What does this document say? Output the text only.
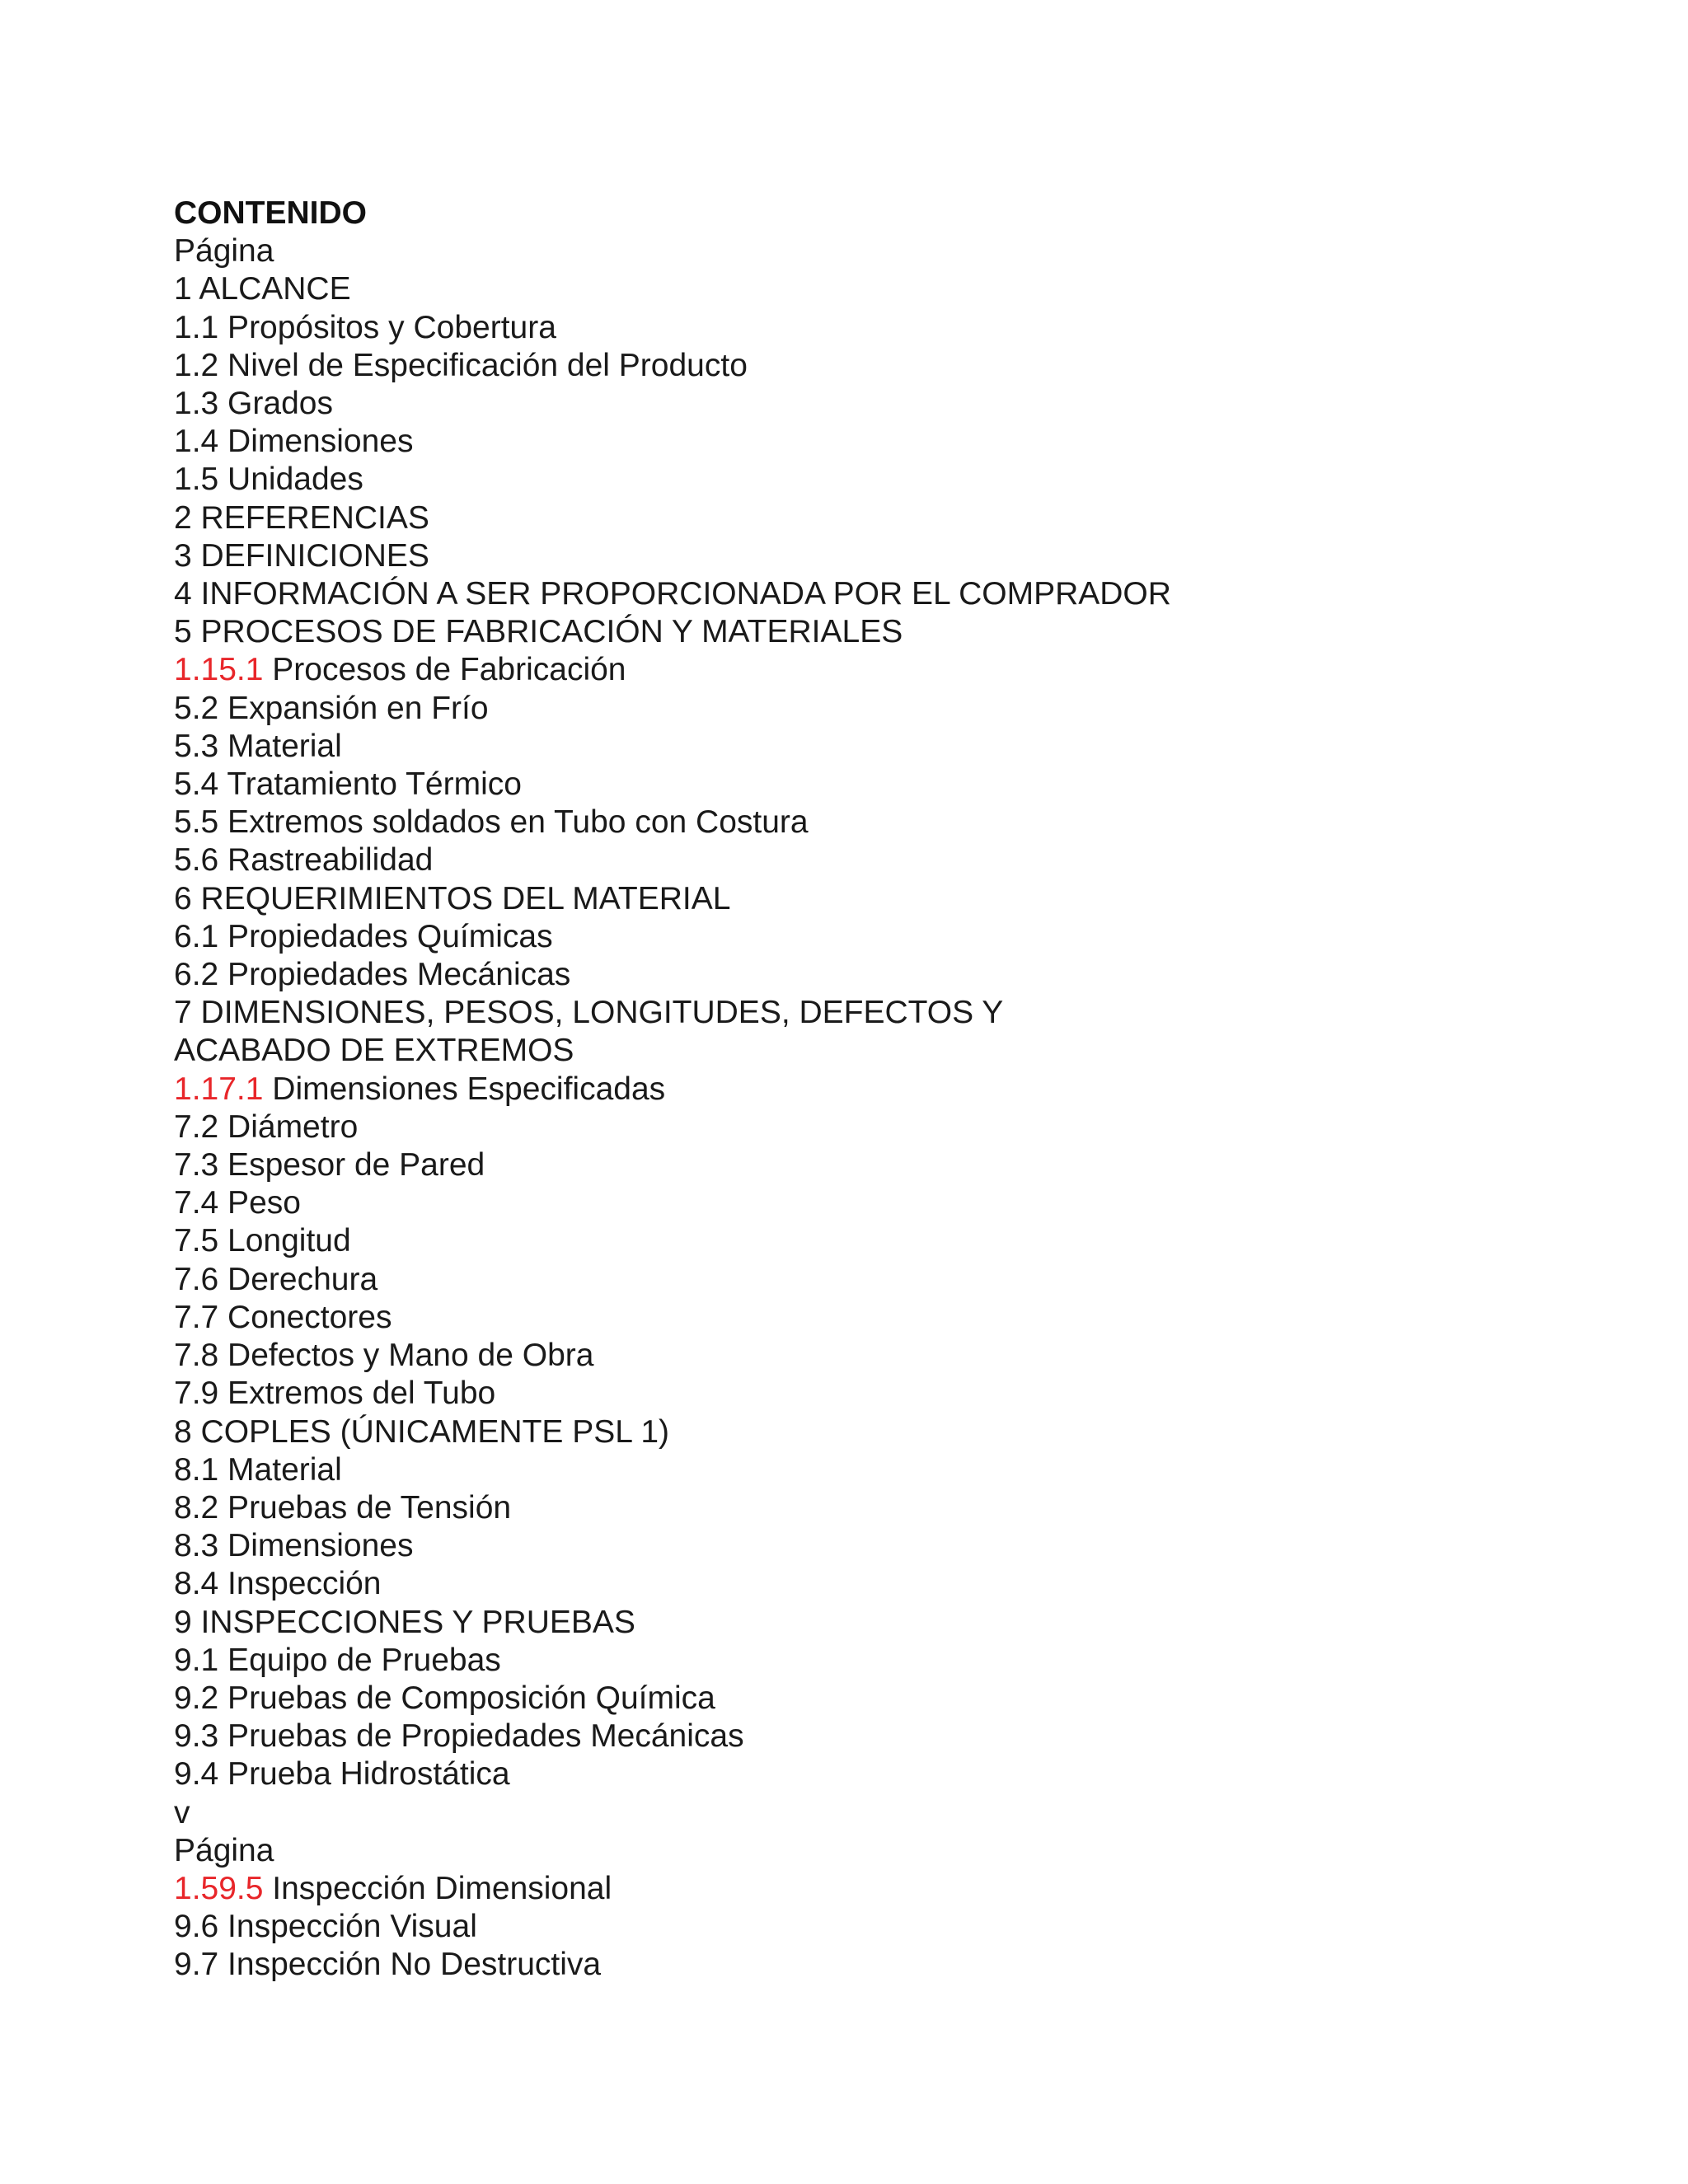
CONTENIDO
Página
1 ALCANCE
1.1 Propósitos y Cobertura
1.2 Nivel de Especificación del Producto
1.3 Grados
1.4 Dimensiones
1.5 Unidades
2 REFERENCIAS
3 DEFINICIONES
4 INFORMACIÓN A SER PROPORCIONADA POR EL COMPRADOR
5 PROCESOS DE FABRICACIÓN Y MATERIALES
1.15.1 Procesos de Fabricación
5.2 Expansión en Frío
5.3 Material
5.4 Tratamiento Térmico
5.5 Extremos soldados en Tubo con Costura
5.6 Rastreabilidad
6 REQUERIMIENTOS DEL MATERIAL
6.1 Propiedades Químicas
6.2 Propiedades Mecánicas
7 DIMENSIONES, PESOS, LONGITUDES, DEFECTOS Y
ACABADO DE EXTREMOS
1.17.1 Dimensiones Especificadas
7.2 Diámetro
7.3 Espesor de Pared
7.4 Peso
7.5 Longitud
7.6 Derechura
7.7 Conectores
7.8 Defectos y Mano de Obra
7.9 Extremos del Tubo
8 COPLES (ÚNICAMENTE PSL 1)
8.1 Material
8.2 Pruebas de Tensión
8.3 Dimensiones
8.4 Inspección
9 INSPECCIONES Y PRUEBAS
9.1 Equipo de Pruebas
9.2 Pruebas de Composición Química
9.3 Pruebas de Propiedades Mecánicas
9.4 Prueba Hidrostática
v
Página
1.59.5 Inspección Dimensional
9.6 Inspección Visual
9.7 Inspección No Destructiva
